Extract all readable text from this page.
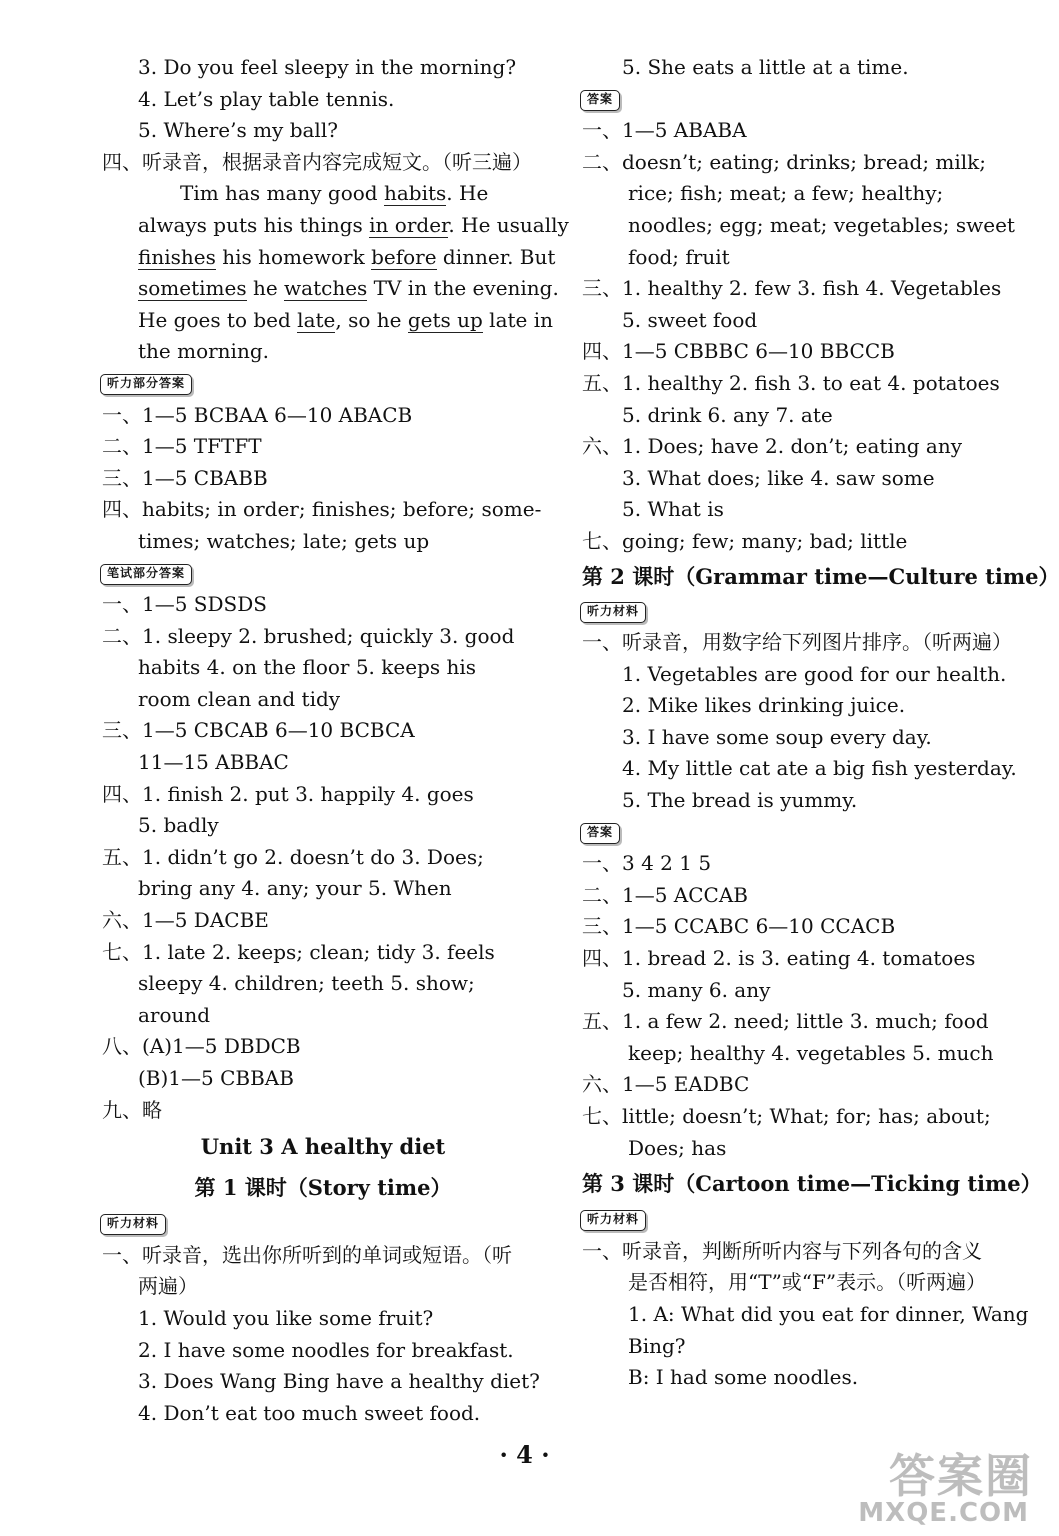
3. Do you feel sleepy in the morning?
4. Let’s play table tennis.
5. Where’s my ball?
四、听录音，根据录音内容完成短文。（听三遍）
Tim has many good habits. He
always puts his things in order. He usually
finishes his homework before dinner. But
sometimes he watches TV in the evening.
He goes to bed late, so he gets up late in
the morning.
听力部分答案
一、1—5 BCBAA 6—10 ABACB
二、1—5 TFTFT
三、1—5 CBABB
四、habits; in order; finishes; before; some-
times; watches; late; gets up
笔试部分答案
一、1—5 SDSDS
二、1. sleepy 2. brushed; quickly 3. good
habits 4. on the floor 5. keeps his
room clean and tidy
三、1—5 CBCAB 6—10 BCBCA
11—15 ABBAC
四、1. finish 2. put 3. happily 4. goes
5. badly
五、1. didn’t go 2. doesn’t do 3. Does;
bring any 4. any; your 5. When
六、1—5 DACBE
七、1. late 2. keeps; clean; tidy 3. feels
sleepy 4. children; teeth 5. show;
around
八、(A)1—5 DBDCB
(B)1—5 CBBAB
九、略
Unit 3 A healthy diet
第 1 课时（Story time）
听力材料
一、听录音，选出你所听到的单词或短语。（听
两遍）
1. Would you like some fruit?
2. I have some noodles for breakfast.
3. Does Wang Bing have a healthy diet?
4. Don’t eat too much sweet food.
5. She eats a little at a time.
答案
一、1—5 ABABA
二、doesn’t; eating; drinks; bread; milk;
rice; fish; meat; a few; healthy;
noodles; egg; meat; vegetables; sweet
food; fruit
三、1. healthy 2. few 3. fish 4. Vegetables
5. sweet food
四、1—5 CBBBC 6—10 BBCCB
五、1. healthy 2. fish 3. to eat 4. potatoes
5. drink 6. any 7. ate
六、1. Does; have 2. don’t; eating any
3. What does; like 4. saw some
5. What is
七、going; few; many; bad; little
第 2 课时（Grammar time—Culture time）
听力材料
一、听录音，用数字给下列图片排序。（听两遍）
1. Vegetables are good for our health.
2. Mike likes drinking juice.
3. I have some soup every day.
4. My little cat ate a big fish yesterday.
5. The bread is yummy.
答案
一、3 4 2 1 5
二、1—5 ACCAB
三、1—5 CCABC 6—10 CCACB
四、1. bread 2. is 3. eating 4. tomatoes
5. many 6. any
五、1. a few 2. need; little 3. much; food
keep; healthy 4. vegetables 5. much
六、1—5 EADBC
七、little; doesn’t; What; for; has; about;
Does; has
第 3 课时（Cartoon time—Ticking time）
听力材料
一、听录音，判断所听内容与下列各句的含义
是否相符，用“T”或“F”表示。（听两遍）
1. A: What did you eat for dinner, Wang
Bing?
B: I had some noodles.
· 4 ·	答案圈
MXQE.COM
